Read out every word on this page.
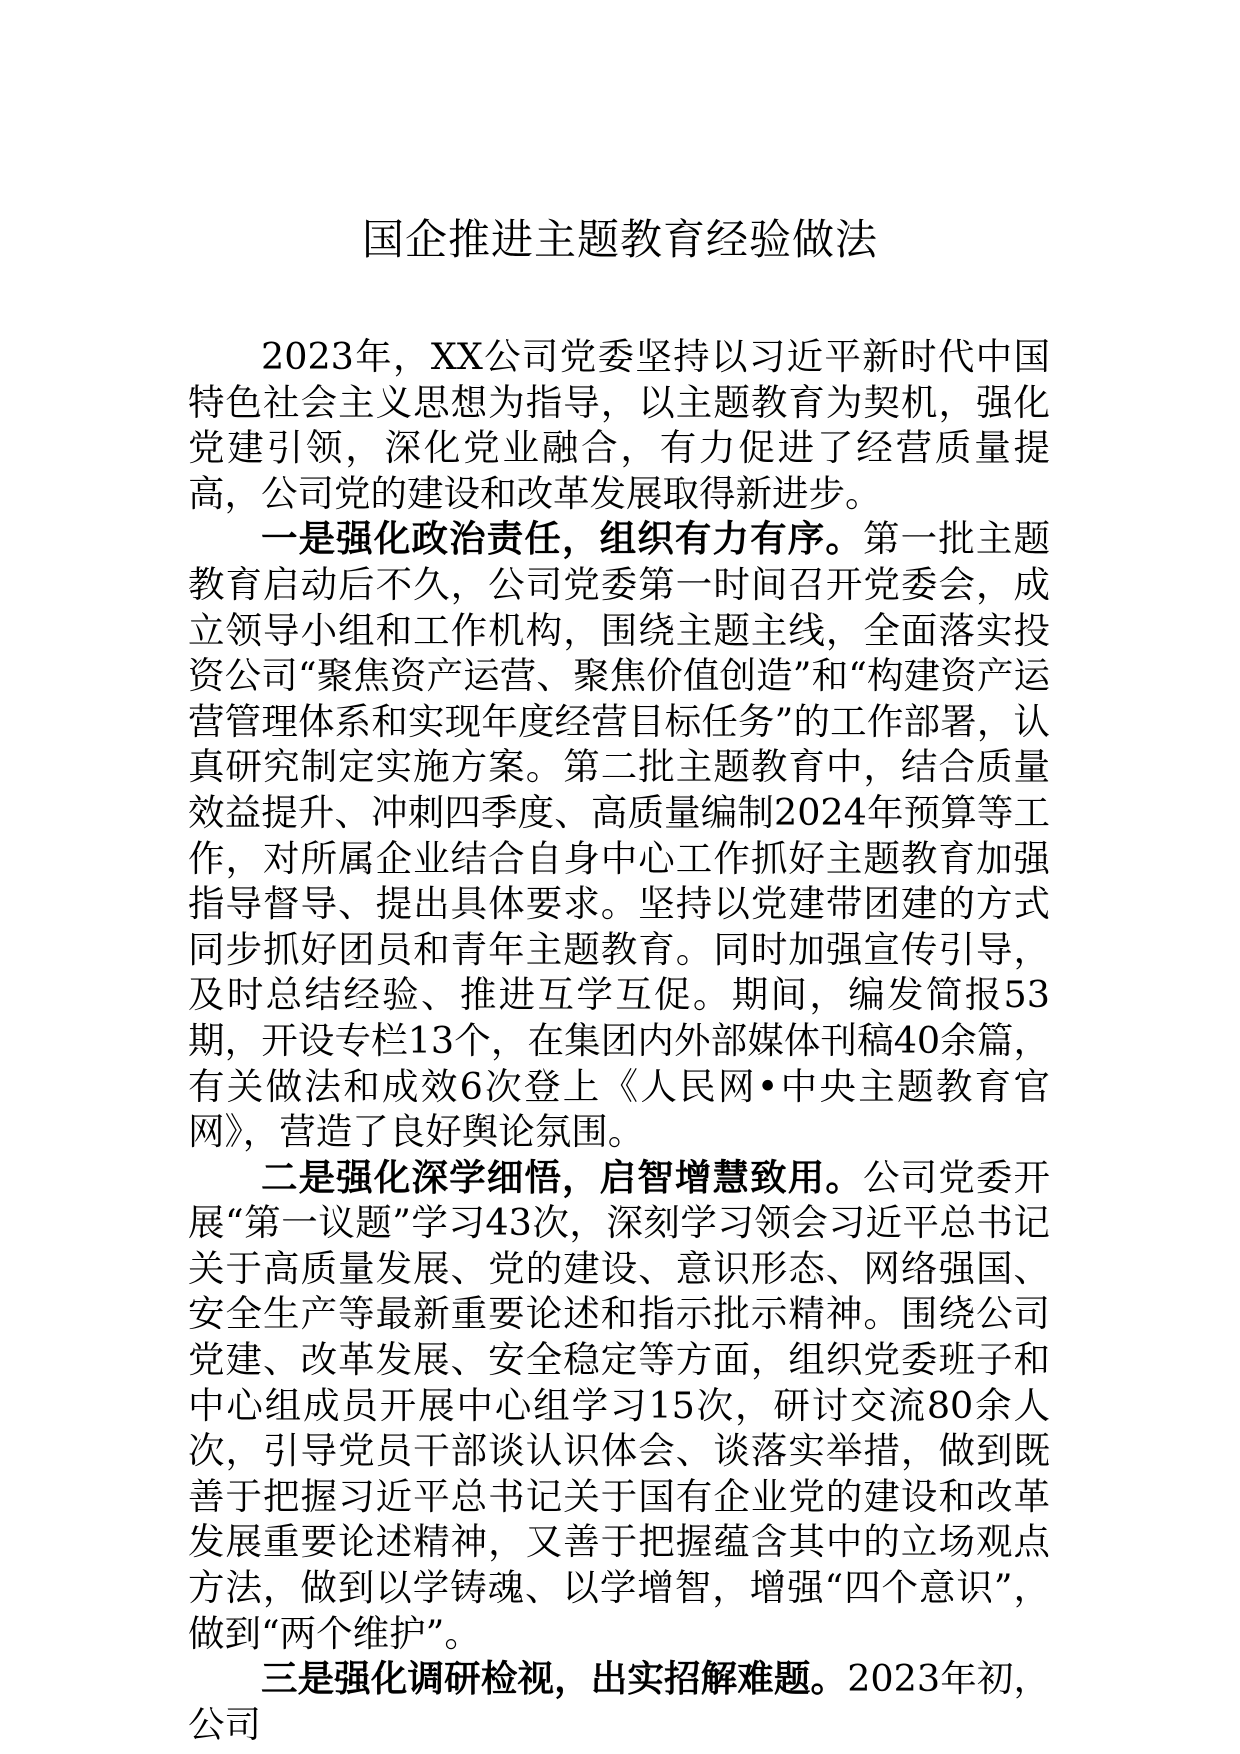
国企推进主题教育经验做法

2023年，XX公司党委坚持以习近平新时代中国特色社会主义思想为指导，以主题教育为契机，强化党建引领，深化党业融合，有力促进了经营质量提高，公司党的建设和改革发展取得新进步。

一是强化政治责任，组织有力有序。第一批主题教育启动后不久，公司党委第一时间召开党委会，成立领导小组和工作机构，围绕主题主线，全面落实投资公司“聚焦资产运营、聚焦价值创造”和“构建资产运营管理体系和实现年度经营目标任务”的工作部署，认真研究制定实施方案。第二批主题教育中，结合质量效益提升、冲刺四季度、高质量编制2024年预算等工作，对所属企业结合自身中心工作抓好主题教育加强指导督导、提出具体要求。坚持以党建带团建的方式同步抓好团员和青年主题教育。同时加强宣传引导，及时总结经验、推进互学互促。期间，编发简报53期，开设专栏13个，在集团内外部媒体刊稿40余篇，有关做法和成效6次登上《人民网•中央主题教育官网》，营造了良好舆论氛围。

二是强化深学细悟，启智增慧致用。公司党委开展“第一议题”学习43次，深刻学习领会习近平总书记关于高质量发展、党的建设、意识形态、网络强国、安全生产等最新重要论述和指示批示精神。围绕公司党建、改革发展、安全稳定等方面，组织党委班子和中心组成员开展中心组学习15次，研讨交流80余人次，引导党员干部谈认识体会、谈落实举措，做到既善于把握习近平总书记关于国有企业党的建设和改革发展重要论述精神，又善于把握蕴含其中的立场观点方法，做到以学铸魂、以学增智，增强“四个意识”，做到“两个维护”。

三是强化调研检视，出实招解难题。2023年初，公司
